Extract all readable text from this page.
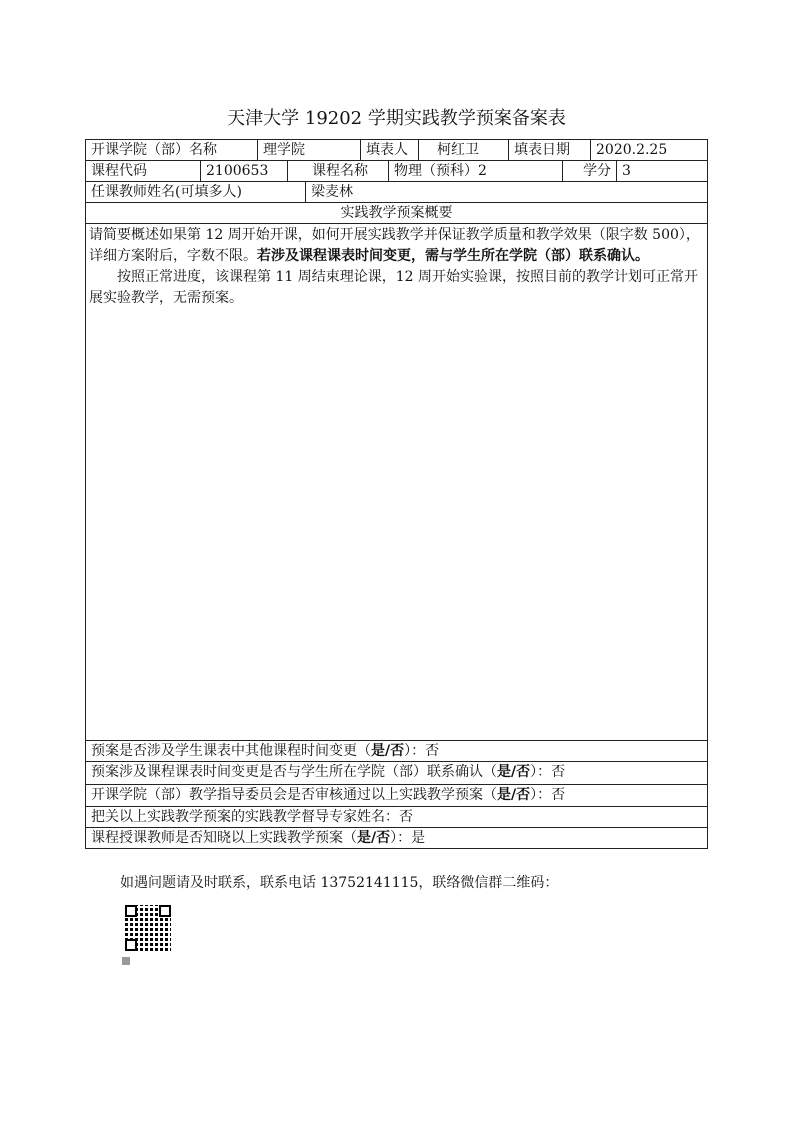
天津大学 19202 学期实践教学预案备案表
开课学院（部）名称	理学院	填表人	柯红卫	填表日期	2020.2.25
课程代码	2100653	课程名称	物理（预科）2	学分 3
任课教师姓名(可填多人)	梁麦林
实践教学预案概要
请简要概述如果第 12 周开始开课，如何开展实践教学并保证教学质量和教学效果（限字数 500），详细方案附后，字数不限。若涉及课程课表时间变更，需与学生所在学院（部）联系确认。
按照正常进度，该课程第 11 周结束理论课，12 周开始实验课，按照目前的教学计划可正常开展实验教学，无需预案。
预案是否涉及学生课表中其他课程时间变更（是/否）：否
预案涉及课程课表时间变更是否与学生所在学院（部）联系确认（是/否）：否
开课学院（部）教学指导委员会是否审核通过以上实践教学预案（是/否）：否
把关以上实践教学预案的实践教学督导专家姓名：否
课程授课教师是否知晓以上实践教学预案（是/否）：是
如遇问题请及时联系，联系电话 13752141115，联络微信群二维码：
